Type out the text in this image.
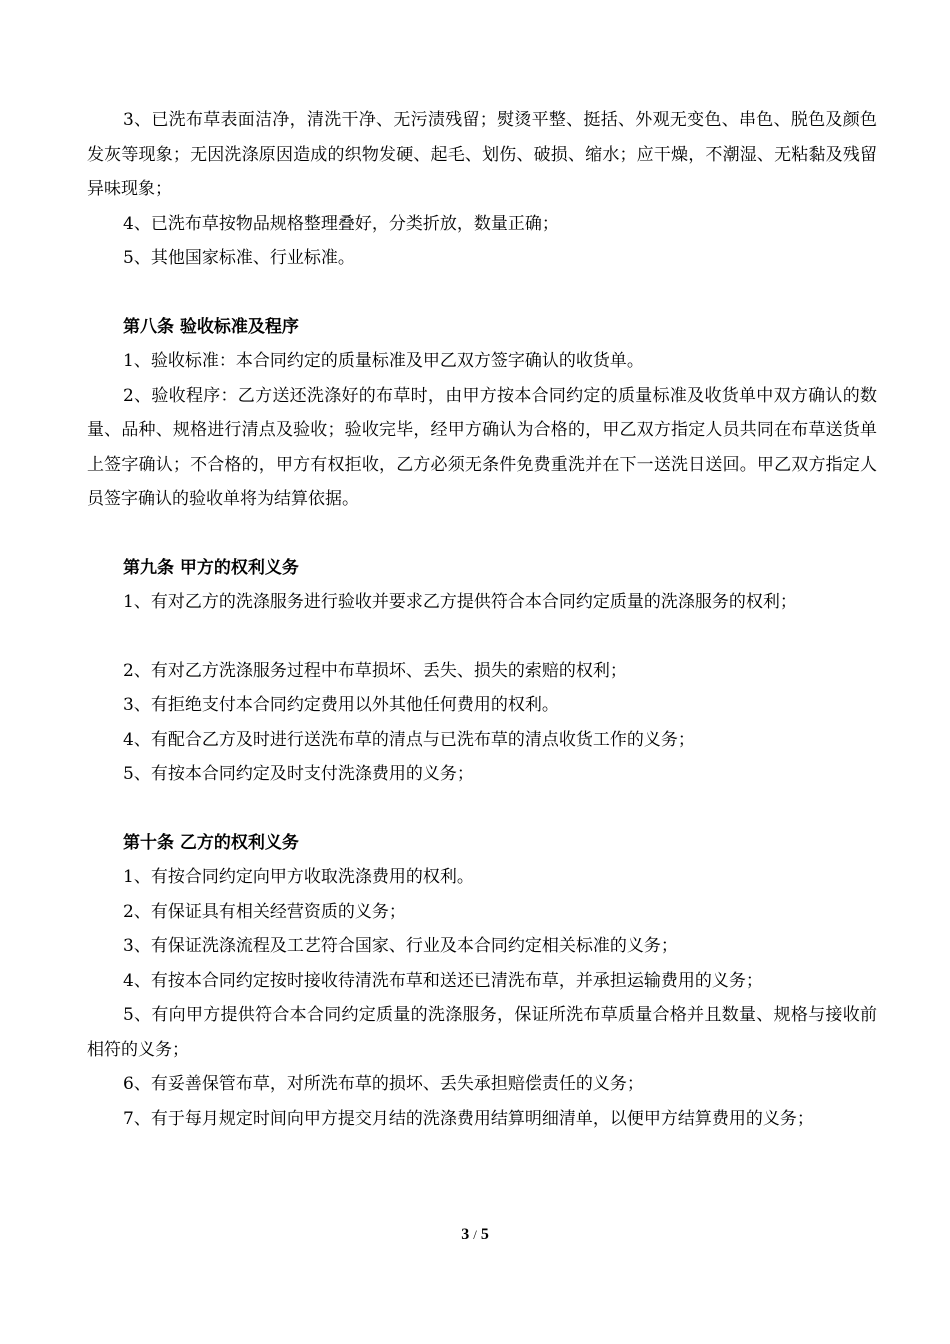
3、已洗布草表面洁净，清洗干净、无污渍残留；熨烫平整、挺括、外观无变色、串色、脱色及颜色发灰等现象；无因洗涤原因造成的织物发硬、起毛、划伤、破损、缩水；应干燥，不潮湿、无粘黏及残留异味现象；

4、已洗布草按物品规格整理叠好，分类折放，数量正确；

5、其他国家标准、行业标准。

第八条 验收标准及程序

1、验收标准：本合同约定的质量标准及甲乙双方签字确认的收货单。

2、验收程序：乙方送还洗涤好的布草时，由甲方按本合同约定的质量标准及收货单中双方确认的数量、品种、规格进行清点及验收；验收完毕，经甲方确认为合格的，甲乙双方指定人员共同在布草送货单上签字确认；不合格的，甲方有权拒收，乙方必须无条件免费重洗并在下一送洗日送回。甲乙双方指定人员签字确认的验收单将为结算依据。

第九条 甲方的权利义务

1、有对乙方的洗涤服务进行验收并要求乙方提供符合本合同约定质量的洗涤服务的权利；

2、有对乙方洗涤服务过程中布草损坏、丢失、损失的索赔的权利；

3、有拒绝支付本合同约定费用以外其他任何费用的权利。

4、有配合乙方及时进行送洗布草的清点与已洗布草的清点收货工作的义务；

5、有按本合同约定及时支付洗涤费用的义务；

第十条 乙方的权利义务

1、有按合同约定向甲方收取洗涤费用的权利。

2、有保证具有相关经营资质的义务；

3、有保证洗涤流程及工艺符合国家、行业及本合同约定相关标准的义务；

4、有按本合同约定按时接收待清洗布草和送还已清洗布草，并承担运输费用的义务；

5、有向甲方提供符合本合同约定质量的洗涤服务，保证所洗布草质量合格并且数量、规格与接收前相符的义务；

6、有妥善保管布草，对所洗布草的损坏、丢失承担赔偿责任的义务；

7、有于每月规定时间向甲方提交月结的洗涤费用结算明细清单，以便甲方结算费用的义务；

3 / 5
